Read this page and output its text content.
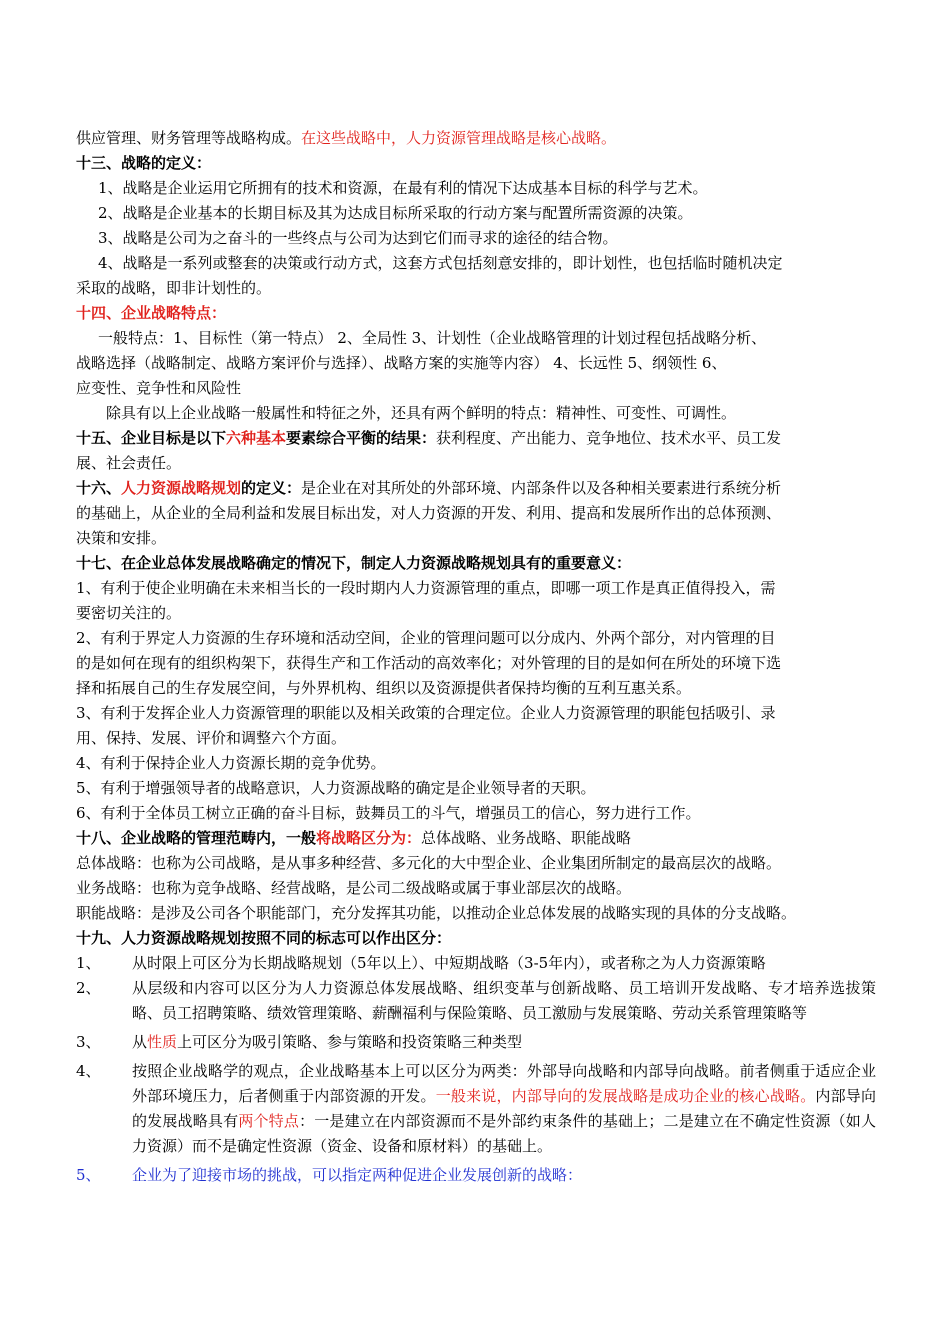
供应管理、财务管理等战略构成。在这些战略中，人力资源管理战略是核心战略。
十三、战略的定义：
1、战略是企业运用它所拥有的技术和资源，在最有利的情况下达成基本目标的科学与艺术。
2、战略是企业基本的长期目标及其为达成目标所采取的行动方案与配置所需资源的决策。
3、战略是公司为之奋斗的一些终点与公司为达到它们而寻求的途径的结合物。
4、战略是一系列或整套的决策或行动方式，这套方式包括刻意安排的，即计划性，也包括临时随机决定
采取的战略，即非计划性的。
十四、企业战略特点：
一般特点：1、目标性（第一特点） 2、全局性 3、计划性（企业战略管理的计划过程包括战略分析、
战略选择（战略制定、战略方案评价与选择）、战略方案的实施等内容） 4、长远性 5、纲领性 6、
应变性、竞争性和风险性
除具有以上企业战略一般属性和特征之外，还具有两个鲜明的特点：精神性、可变性、可调性。
十五、企业目标是以下六种基本要素综合平衡的结果：获利程度、产出能力、竞争地位、技术水平、员工发
展、社会责任。
十六、人力资源战略规划的定义：是企业在对其所处的外部环境、内部条件以及各种相关要素进行系统分析
的基础上，从企业的全局利益和发展目标出发，对人力资源的开发、利用、提高和发展所作出的总体预测、
决策和安排。
十七、在企业总体发展战略确定的情况下，制定人力资源战略规划具有的重要意义：
1、有利于使企业明确在未来相当长的一段时期内人力资源管理的重点，即哪一项工作是真正值得投入，需
要密切关注的。
2、有利于界定人力资源的生存环境和活动空间，企业的管理问题可以分成内、外两个部分，对内管理的目
的是如何在现有的组织构架下，获得生产和工作活动的高效率化；对外管理的目的是如何在所处的环境下选
择和拓展自己的生存发展空间，与外界机构、组织以及资源提供者保持均衡的互利互惠关系。
3、有利于发挥企业人力资源管理的职能以及相关政策的合理定位。企业人力资源管理的职能包括吸引、录
用、保持、发展、评价和调整六个方面。
4、有利于保持企业人力资源长期的竞争优势。
5、有利于增强领导者的战略意识，人力资源战略的确定是企业领导者的天职。
6、有利于全体员工树立正确的奋斗目标，鼓舞员工的斗气，增强员工的信心，努力进行工作。
十八、企业战略的管理范畴内，一般将战略区分为：总体战略、业务战略、职能战略
总体战略：也称为公司战略，是从事多种经营、多元化的大中型企业、企业集团所制定的最高层次的战略。
业务战略：也称为竞争战略、经营战略，是公司二级战略或属于事业部层次的战略。
职能战略：是涉及公司各个职能部门，充分发挥其功能，以推动企业总体发展的战略实现的具体的分支战略。
十九、人力资源战略规划按照不同的标志可以作出区分：
1、	从时限上可区分为长期战略规划（5年以上）、中短期战略（3-5年内），或者称之为人力资源策略
2、	从层级和内容可以区分为人力资源总体发展战略、组织变革与创新战略、员工培训开发战略、专才培养选拔策略、员工招聘策略、绩效管理策略、薪酬福利与保险策略、员工激励与发展策略、劳动关系管理策略等
3、	从性质上可区分为吸引策略、参与策略和投资策略三种类型
4、	按照企业战略学的观点，企业战略基本上可以区分为两类：外部导向战略和内部导向战略。前者侧重于适应企业外部环境压力，后者侧重于内部资源的开发。一般来说，内部导向的发展战略是成功企业的核心战略。内部导向的发展战略具有两个特点：一是建立在内部资源而不是外部约束条件的基础上；二是建立在不确定性资源（如人力资源）而不是确定性资源（资金、设备和原材料）的基础上。
5、	企业为了迎接市场的挑战，可以指定两种促进企业发展创新的战略：
